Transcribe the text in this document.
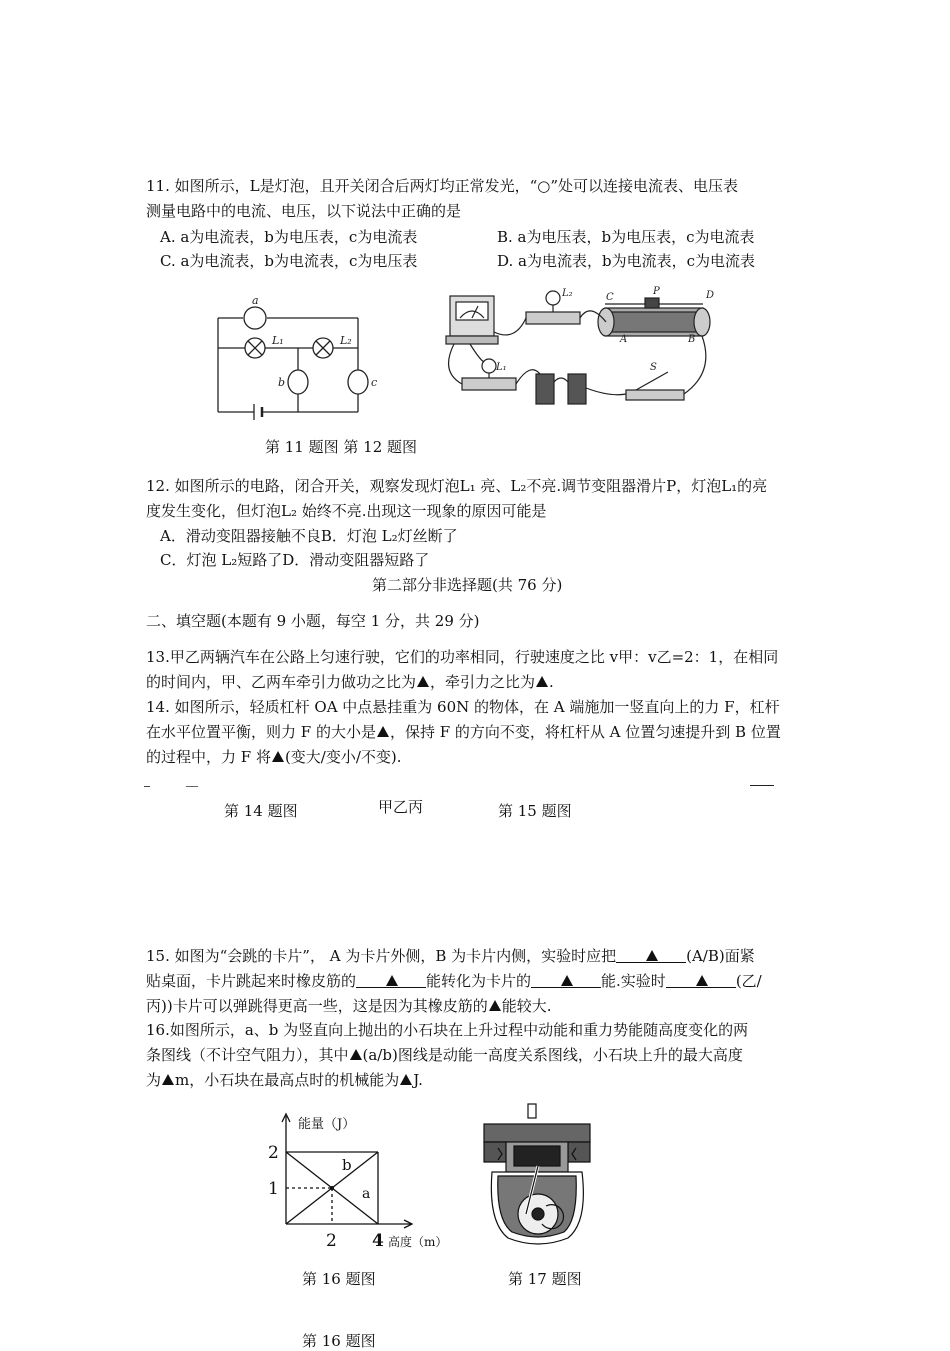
11. 如图所示，L是灯泡，且开关闭合后两灯均正常发光，“○”处可以连接电流表、电压表
测量电路中的电流、电压，以下说法中正确的是
A. a为电流表，b为电压表，c为电流表	B. a为电压表，b为电压表，c为电流表
C. a为电流表，b为电流表，c为电压表	D. a为电流表，b为电流表，c为电流表
a
L₁	L₂
b	c
L₂	C
P	D
A	B
L₁	S
第 11 题图 第 12 题图
12. 如图所示的电路，闭合开关，观察发现灯泡L₁ 亮、L₂不亮.调节变阻器滑片P，灯泡L₁的亮
度发生变化，但灯泡L₂ 始终不亮.出现这一现象的原因可能是
A．滑动变阻器接触不良B．灯泡 L₂灯丝断了
C．灯泡 L₂短路了D．滑动变阻器短路了
第二部分非选择题(共 76 分)
二、填空题(本题有 9 小题，每空 1 分，共 29 分)
13.甲乙两辆汽车在公路上匀速行驶，它们的功率相同，行驶速度之比 v甲：v乙=2：1，在相同
的时间内，甲、乙两车牵引力做功之比为 ，牵引力之比为 .
14. 如图所示，轻质杠杆 OA 中点悬挂重为 60N 的物体，在 A 端施加一竖直向上的力 F，杠杆
在水平位置平衡，则力 F 的大小是 ，保持 F 的方向不变，将杠杆从 A 位置匀速提升到 B 位置
的过程中，力 F 将 (变大/变小/不变).
第 14 题图	甲乙丙	第 15 题图
15. 如图为“会跳的卡片”， A 为卡片外侧，B 为卡片内侧，实验时应把	(A/B)面紧
贴桌面，卡片跳起来时橡皮筋的	能转化为卡片的	能.实验时	(乙/
丙))卡片可以弹跳得更高一些，这是因为其橡皮筋的 能较大.
16.如图所示，a、b 为竖直向上抛出的小石块在上升过程中动能和重力势能随高度变化的两
条图线（不计空气阻力），其中 (a/b)图线是动能一高度关系图线，小石块上升的最大高度
为 m，小石块在最高点时的机械能为 J.
能量（J）
2
1
2 4 高度（m）
b
a
第 16 题图	第 17 题图
第 16 题图
